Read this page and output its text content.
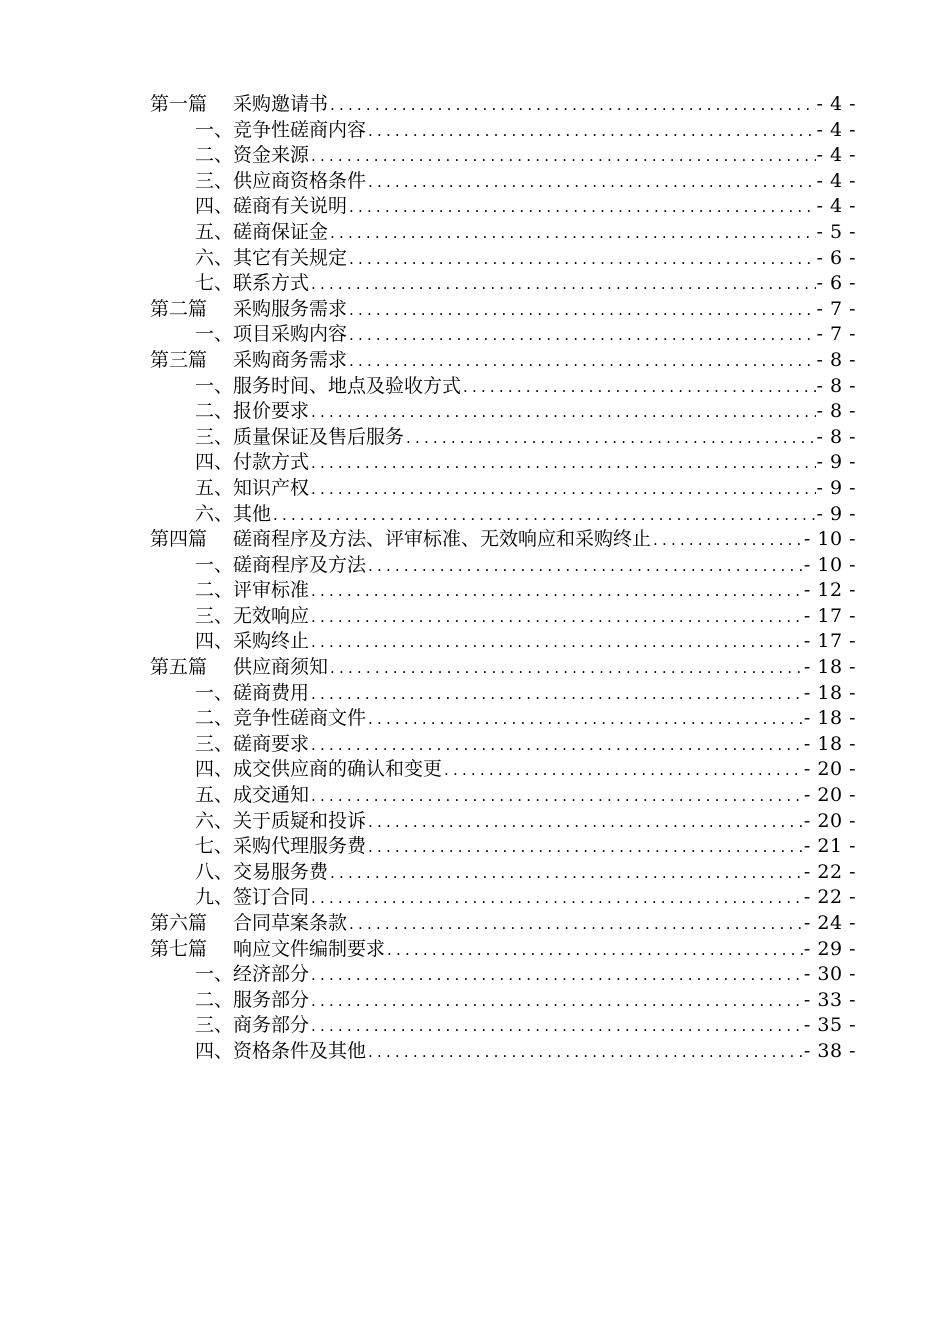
第一篇 采购邀请书 .....	- 4 -
一、竞争性磋商内容 .....	- 4 -
二、资金来源 .....	- 4 -
三、供应商资格条件 .....	- 4 -
四、磋商有关说明 .....	- 4 -
五、磋商保证金 .....	- 5 -
六、其它有关规定 .....	- 6 -
七、联系方式 .....	- 6 -
第二篇 采购服务需求 .....	- 7 -
一、项目采购内容 .....	- 7 -
第三篇 采购商务需求 .....	- 8 -
一、服务时间、地点及验收方式 .....	- 8 -
二、报价要求 .....	- 8 -
三、质量保证及售后服务 .....	- 8 -
四、付款方式 .....	- 9 -
五、知识产权 .....	- 9 -
六、其他 .....	- 9 -
第四篇 磋商程序及方法、评审标准、无效响应和采购终止 .....	- 10 -
一、磋商程序及方法 .....	- 10 -
二、评审标准 .....	- 12 -
三、无效响应 .....	- 17 -
四、采购终止 .....	- 17 -
第五篇 供应商须知 .....	- 18 -
一、磋商费用 .....	- 18 -
二、竞争性磋商文件 .....	- 18 -
三、磋商要求 .....	- 18 -
四、成交供应商的确认和变更 .....	- 20 -
五、成交通知 .....	- 20 -
六、关于质疑和投诉 .....	- 20 -
七、采购代理服务费 .....	- 21 -
八、交易服务费 .....	- 22 -
九、签订合同 .....	- 22 -
第六篇 合同草案条款 .....	- 24 -
第七篇 响应文件编制要求 .....	- 29 -
一、经济部分 .....	- 30 -
二、服务部分 .....	- 33 -
三、商务部分 .....	- 35 -
四、资格条件及其他 .....	- 38 -
